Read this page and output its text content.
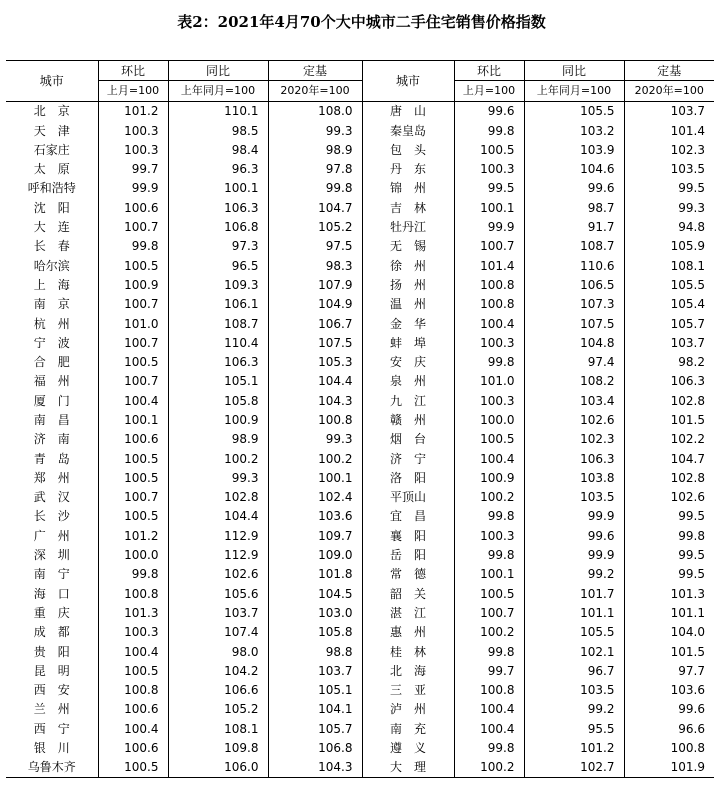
表2：2021年4月70个大中城市二手住宅销售价格指数
城市	环比	同比	定基	城市	环比	同比	定基
	上月=100	上年同月=100	2020年=100		上月=100	上年同月=100	2020年=100
北　京	101.2	110.1	108.0	唐　山	99.6	105.5	103.7
天　津	100.3	98.5	99.3	秦皇岛	99.8	103.2	101.4
石家庄	100.3	98.4	98.9	包　头	100.5	103.9	102.3
太　原	99.7	96.3	97.8	丹　东	100.3	104.6	103.5
呼和浩特	99.9	100.1	99.8	锦　州	99.5	99.6	99.5
沈　阳	100.6	106.3	104.7	吉　林	100.1	98.7	99.3
大　连	100.7	106.8	105.2	牡丹江	99.9	91.7	94.8
长　春	99.8	97.3	97.5	无　锡	100.7	108.7	105.9
哈尔滨	100.5	96.5	98.3	徐　州	101.4	110.6	108.1
上　海	100.9	109.3	107.9	扬　州	100.8	106.5	105.5
南　京	100.7	106.1	104.9	温　州	100.8	107.3	105.4
杭　州	101.0	108.7	106.7	金　华	100.4	107.5	105.7
宁　波	100.7	110.4	107.5	蚌　埠	100.3	104.8	103.7
合　肥	100.5	106.3	105.3	安　庆	99.8	97.4	98.2
福　州	100.7	105.1	104.4	泉　州	101.0	108.2	106.3
厦　门	100.4	105.8	104.3	九　江	100.3	103.4	102.8
南　昌	100.1	100.9	100.8	赣　州	100.0	102.6	101.5
济　南	100.6	98.9	99.3	烟　台	100.5	102.3	102.2
青　岛	100.5	100.2	100.2	济　宁	100.4	106.3	104.7
郑　州	100.5	99.3	100.1	洛　阳	100.9	103.8	102.8
武　汉	100.7	102.8	102.4	平顶山	100.2	103.5	102.6
长　沙	100.5	104.4	103.6	宜　昌	99.8	99.9	99.5
广　州	101.2	112.9	109.7	襄　阳	100.3	99.6	99.8
深　圳	100.0	112.9	109.0	岳　阳	99.8	99.9	99.5
南　宁	99.8	102.6	101.8	常　德	100.1	99.2	99.5
海　口	100.8	105.6	104.5	韶　关	100.5	101.7	101.3
重　庆	101.3	103.7	103.0	湛　江	100.7	101.1	101.1
成　都	100.3	107.4	105.8	惠　州	100.2	105.5	104.0
贵　阳	100.4	98.0	98.8	桂　林	99.8	102.1	101.5
昆　明	100.5	104.2	103.7	北　海	99.7	96.7	97.7
西　安	100.8	106.6	105.1	三　亚	100.8	103.5	103.6
兰　州	100.6	105.2	104.1	泸　州	100.4	99.2	99.6
西　宁	100.4	108.1	105.7	南　充	100.4	95.5	96.6
银　川	100.6	109.8	106.8	遵　义	99.8	101.2	100.8
乌鲁木齐	100.5	106.0	104.3	大　理	100.2	102.7	101.9
